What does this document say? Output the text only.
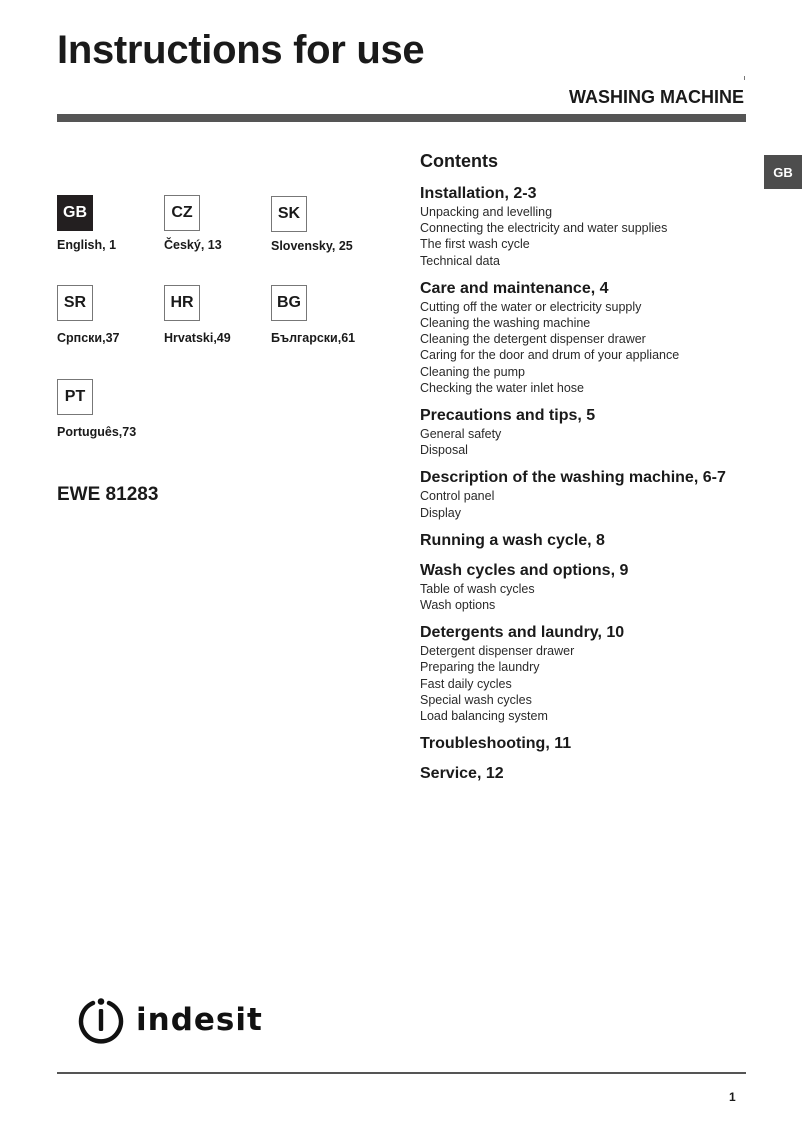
Instructions for use
WASHING MACHINE
GB
GB
English, 1
CZ
Český, 13
SK
Slovensky, 25
SR
Српски,37
HR
Hrvatski,49
BG
Български,61
PT
Português,73
EWE 81283
Contents
Installation, 2-3
Unpacking and levelling
Connecting the electricity and water supplies
The first wash cycle
Technical data
Care and maintenance, 4
Cutting off the water or electricity supply
Cleaning the washing machine
Cleaning the detergent dispenser drawer
Caring for the door and drum of your appliance
Cleaning the pump
Checking the water inlet hose
Precautions and tips, 5
General safety
Disposal
Description of the washing machine, 6-7
Control panel
Display
Running a wash cycle, 8
Wash cycles and options, 9
Table of wash cycles
Wash options
Detergents and laundry, 10
Detergent dispenser drawer
Preparing the laundry
Fast daily cycles
Special wash cycles
Load balancing system
Troubleshooting, 11
Service, 12
indesit
1
